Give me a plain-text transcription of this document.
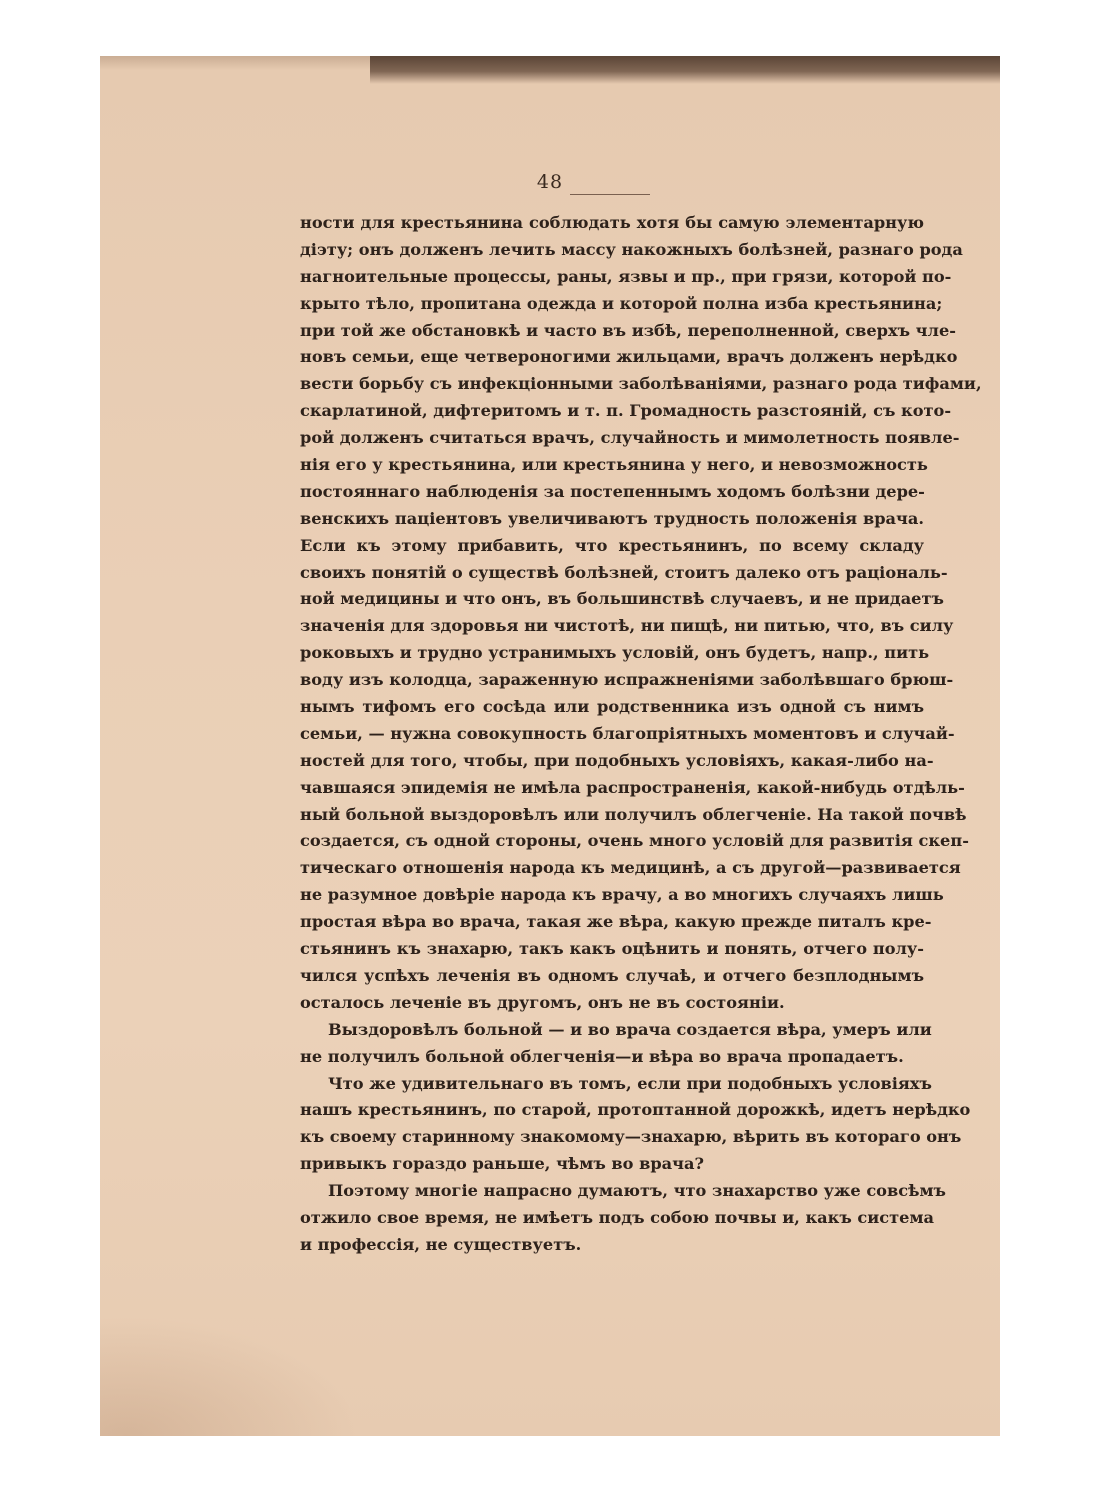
48
ности для крестьянина соблюдать хотя бы самую элементарную
діэту; онъ долженъ лечить массу накожныхъ болѣзней, разнаго рода
нагноительные процессы, раны, язвы и пр., при грязи, которой по-
крыто тѣло, пропитана одежда и которой полна изба крестьянина;
при той же обстановкѣ и часто въ избѣ, переполненной, сверхъ чле-
новъ семьи, еще четвероногими жильцами, врачъ долженъ нерѣдко
вести борьбу съ инфекціонными заболѣваніями, разнаго рода тифами,
скарлатиной, дифтеритомъ и т. п. Громадность разстояній, съ кото-
рой долженъ считаться врачъ, случайность и мимолетность появле-
нія его у крестьянина, или крестьянина у него, и невозможность
постояннаго наблюденія за постепеннымъ ходомъ болѣзни дере-
венскихъ паціентовъ увеличиваютъ трудность положенія врача.
Если къ этому прибавить, что крестьянинъ, по всему складу
своихъ понятій о существѣ болѣзней, стоитъ далеко отъ раціональ-
ной медицины и что онъ, въ большинствѣ случаевъ, и не придаетъ
значенія для здоровья ни чистотѣ, ни пищѣ, ни питью, что, въ силу
роковыхъ и трудно устранимыхъ условій, онъ будетъ, напр., пить
воду изъ колодца, зараженную испражненіями заболѣвшаго брюш-
нымъ тифомъ его сосѣда или родственника изъ одной съ нимъ
семьи, — нужна совокупность благопріятныхъ моментовъ и случай-
ностей для того, чтобы, при подобныхъ условіяхъ, какая-либо на-
чавшаяся эпидемія не имѣла распространенія, какой-нибудь отдѣль-
ный больной выздоровѣлъ или получилъ облегченіе. На такой почвѣ
создается, съ одной стороны, очень много условій для развитія скеп-
тическаго отношенія народа къ медицинѣ, а съ другой—развивается
не разумное довѣріе народа къ врачу, а во многихъ случаяхъ лишь
простая вѣра во врача, такая же вѣра, какую прежде питалъ кре-
стьянинъ къ знахарю, такъ какъ оцѣнить и понять, отчего полу-
чился успѣхъ леченія въ одномъ случаѣ, и отчего безплоднымъ
осталось леченіе въ другомъ, онъ не въ состояніи.
Выздоровѣлъ больной — и во врача создается вѣра, умеръ или
не получилъ больной облегченія—и вѣра во врача пропадаетъ.
Что же удивительнаго въ томъ, если при подобныхъ условіяхъ
нашъ крестьянинъ, по старой, протоптанной дорожкѣ, идетъ нерѣдко
къ своему старинному знакомому—знахарю, вѣрить въ котораго онъ
привыкъ гораздо раньше, чѣмъ во врача?
Поэтому многіе напрасно думаютъ, что знахарство уже совсѣмъ
отжило свое время, не имѣетъ подъ собою почвы и, какъ система
и профессія, не существуетъ.
